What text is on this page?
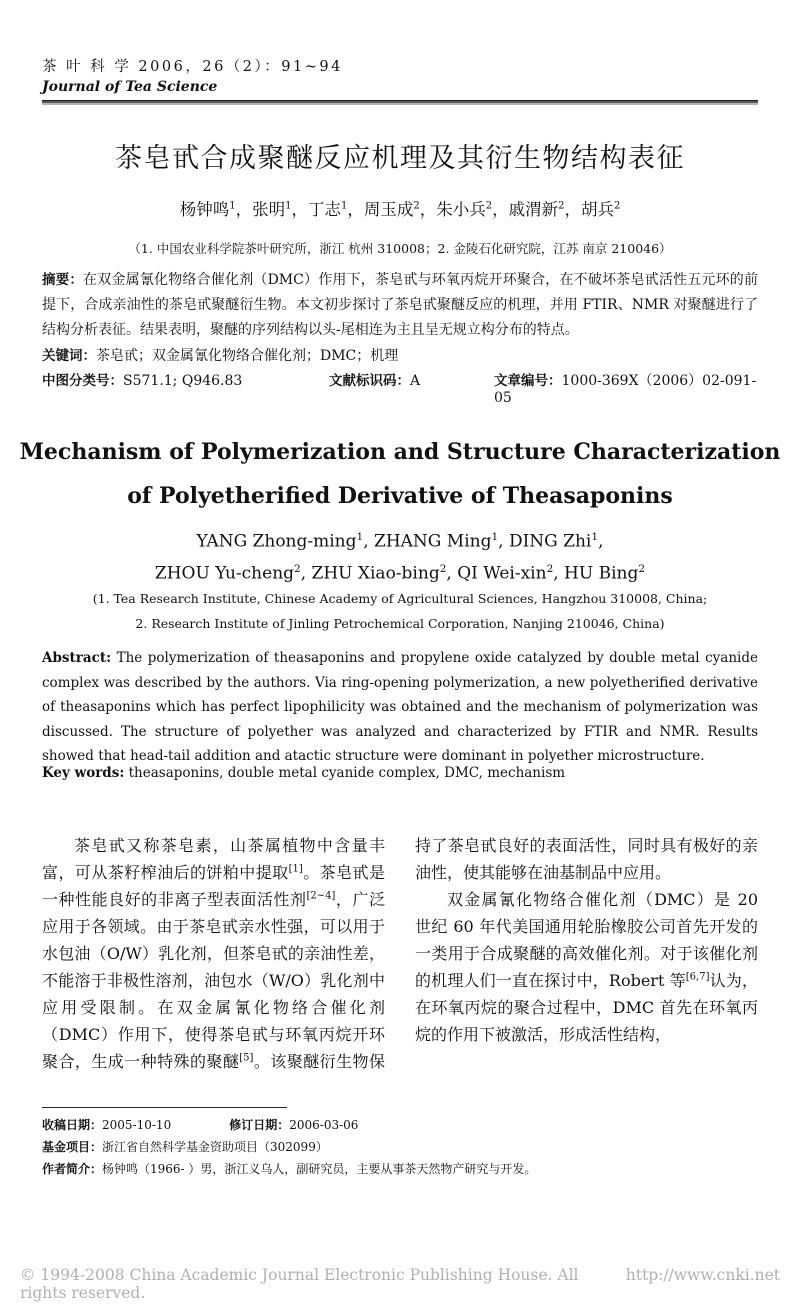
茶 叶 科 学 2006，26（2）：91~94
Journal of Tea Science
茶皂甙合成聚醚反应机理及其衍生物结构表征
杨钟鸣$^1$，张明$^1$，丁志$^1$，周玉成$^2$，朱小兵$^2$，戚渭新$^2$，胡兵$^2$
（1. 中国农业科学院茶叶研究所，浙江 杭州 310008；2. 金陵石化研究院，江苏 南京 210046）
摘要：在双金属氰化物络合催化剂（DMC）作用下，茶皂甙与环氧丙烷开环聚合，在不破坏茶皂甙活性五元环的前提下，合成亲油性的茶皂甙聚醚衍生物。本文初步探讨了茶皂甙聚醚反应的机理，并用 FTIR、NMR 对聚醚进行了结构分析表征。结果表明，聚醚的序列结构以头-尾相连为主且呈无规立构分布的特点。
关键词：茶皂甙；双金属氰化物络合催化剂；DMC；机理
中图分类号：S571.1; Q946.83	文献标识码：A	文章编号：1000-369X（2006）02-091-05
Mechanism of Polymerization and Structure Characterization
of Polyetherified Derivative of Theasaponins
YANG Zhong-ming$^1$, ZHANG Ming$^1$, DING Zhi$^1$,
ZHOU Yu-cheng$^2$, ZHU Xiao-bing$^2$, QI Wei-xin$^2$, HU Bing$^2$
(1. Tea Research Institute, Chinese Academy of Agricultural Sciences, Hangzhou 310008, China;
2. Research Institute of Jinling Petrochemical Corporation, Nanjing 210046, China)
Abstract: The polymerization of theasaponins and propylene oxide catalyzed by double metal cyanide complex was described by the authors. Via ring-opening polymerization, a new polyetherified derivative of theasaponins which has perfect lipophilicity was obtained and the mechanism of polymerization was discussed. The structure of polyether was analyzed and characterized by FTIR and NMR. Results showed that head-tail addition and atactic structure were dominant in polyether microstructure.
Key words: theasaponins, double metal cyanide complex, DMC, mechanism

茶皂甙又称茶皂素，山茶属植物中含量丰富，可从茶籽榨油后的饼粕中提取[1]。茶皂甙是一种性能良好的非离子型表面活性剂[2~4]，广泛应用于各领域。由于茶皂甙亲水性强，可以用于水包油（O/W）乳化剂，但茶皂甙的亲油性差，不能溶于非极性溶剂，油包水（W/O）乳化剂中应用受限制。在双金属氰化物络合催化剂（DMC）作用下，使得茶皂甙与环氧丙烷开环聚合，生成一种特殊的聚醚[5]。该聚醚衍生物保持了茶皂甙良好的表面活性，同时具有极好的亲油性，使其能够在油基制品中应用。

双金属氰化物络合催化剂（DMC）是 20 世纪 60 年代美国通用轮胎橡胶公司首先开发的一类用于合成聚醚的高效催化剂。对于该催化剂的机理人们一直在探讨中，Robert 等[6,7]认为，在环氧丙烷的聚合过程中，DMC 首先在环氧丙烷的作用下被激活，形成活性结构，

收稿日期：2005-10-10	修订日期：2006-03-06
基金项目：浙江省自然科学基金资助项目（302099）
作者简介：杨钟鸣（1966- ）男，浙江义乌人，副研究员，主要从事茶天然物产研究与开发。
© 1994-2008 China Academic Journal Electronic Publishing House. All rights reserved.
http://www.cnki.net
